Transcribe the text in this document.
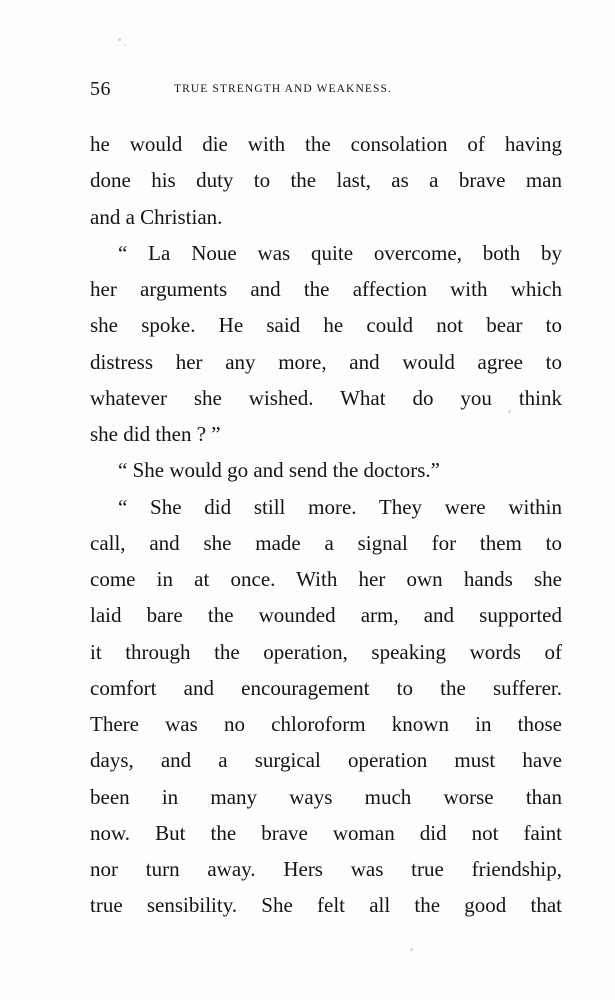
56	TRUE STRENGTH AND WEAKNESS.
he would die with the consolation of having
done his duty to the last, as a brave man
and a Christian.
“ La Noue was quite overcome, both by
her arguments and the affection with which
she spoke. He said he could not bear to
distress her any more, and would agree to
whatever she wished. What do you think
she did then ? ”
“ She would go and send the doctors.”
“ She did still more. They were within
call, and she made a signal for them to
come in at once. With her own hands she
laid bare the wounded arm, and supported
it through the operation, speaking words of
comfort and encouragement to the sufferer.
There was no chloroform known in those
days, and a surgical operation must have
been in many ways much worse than
now. But the brave woman did not faint
nor turn away. Hers was true friendship,
true sensibility. She felt all the good that
